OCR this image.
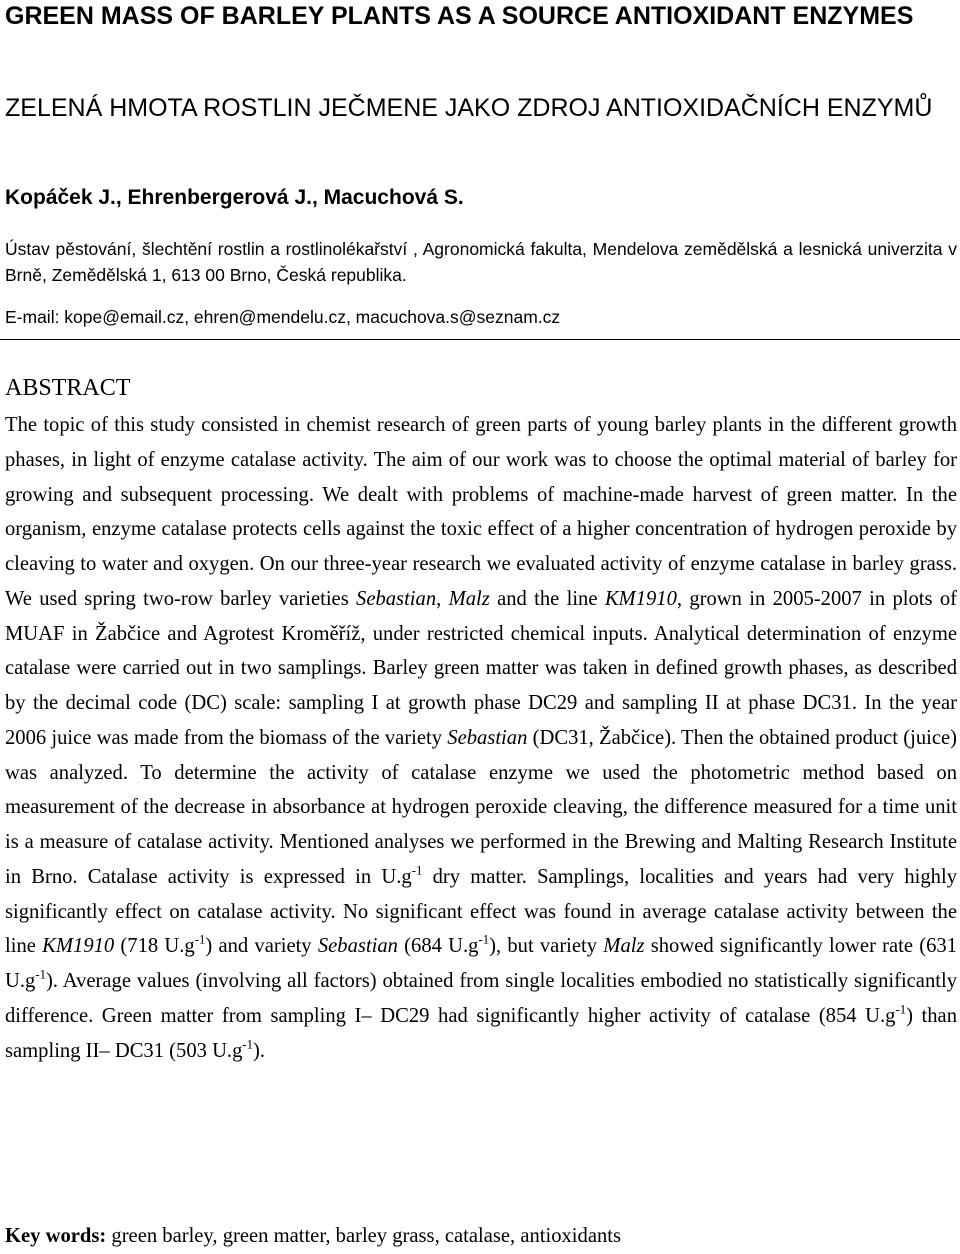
GREEN MASS OF BARLEY PLANTS AS A SOURCE ANTIOXIDANT ENZYMES
ZELENÁ HMOTA ROSTLIN JEČMENE JAKO ZDROJ ANTIOXIDAČNÍCH ENZYMŮ
Kopáček J., Ehrenbergerová J., Macuchová S.
Ústav pěstování, šlechtění rostlin a rostlinolékařství , Agronomická fakulta, Mendelova zemědělská a lesnická univerzita v Brně, Zemědělská 1, 613 00 Brno, Česká republika.
E-mail: kope@email.cz, ehren@mendelu.cz, macuchova.s@seznam.cz
ABSTRACT
The topic of this study consisted in chemist research of green parts of young barley plants in the different growth phases, in light of enzyme catalase activity. The aim of our work was to choose the optimal material of barley for growing and subsequent processing. We dealt with problems of machine-made harvest of green matter. In the organism, enzyme catalase protects cells against the toxic effect of a higher concentration of hydrogen peroxide by cleaving to water and oxygen. On our three-year research we evaluated activity of enzyme catalase in barley grass. We used spring two-row barley varieties Sebastian, Malz and the line KM1910, grown in 2005-2007 in plots of MUAF in Žabčice and Agrotest Kroměříž, under restricted chemical inputs. Analytical determination of enzyme catalase were carried out in two samplings. Barley green matter was taken in defined growth phases, as described by the decimal code (DC) scale: sampling I at growth phase DC29 and sampling II at phase DC31. In the year 2006 juice was made from the biomass of the variety Sebastian (DC31, Žabčice). Then the obtained product (juice) was analyzed. To determine the activity of catalase enzyme we used the photometric method based on measurement of the decrease in absorbance at hydrogen peroxide cleaving, the difference measured for a time unit is a measure of catalase activity. Mentioned analyses we performed in the Brewing and Malting Research Institute in Brno. Catalase activity is expressed in $U.g^{-1}$ dry matter. Samplings, localities and years had very highly significantly effect on catalase activity. No significant effect was found in average catalase activity between the line KM1910 (718 $U.g^{-1}$) and variety Sebastian (684 $U.g^{-1}$), but variety Malz showed significantly lower rate (631 $U.g^{-1}$). Average values (involving all factors) obtained from single localities embodied no statistically significantly difference. Green matter from sampling I– DC29 had significantly higher activity of catalase (854 $U.g^{-1}$) than sampling II– DC31 (503 $U.g^{-1}$).
Key words: green barley, green matter, barley grass, catalase, antioxidants
